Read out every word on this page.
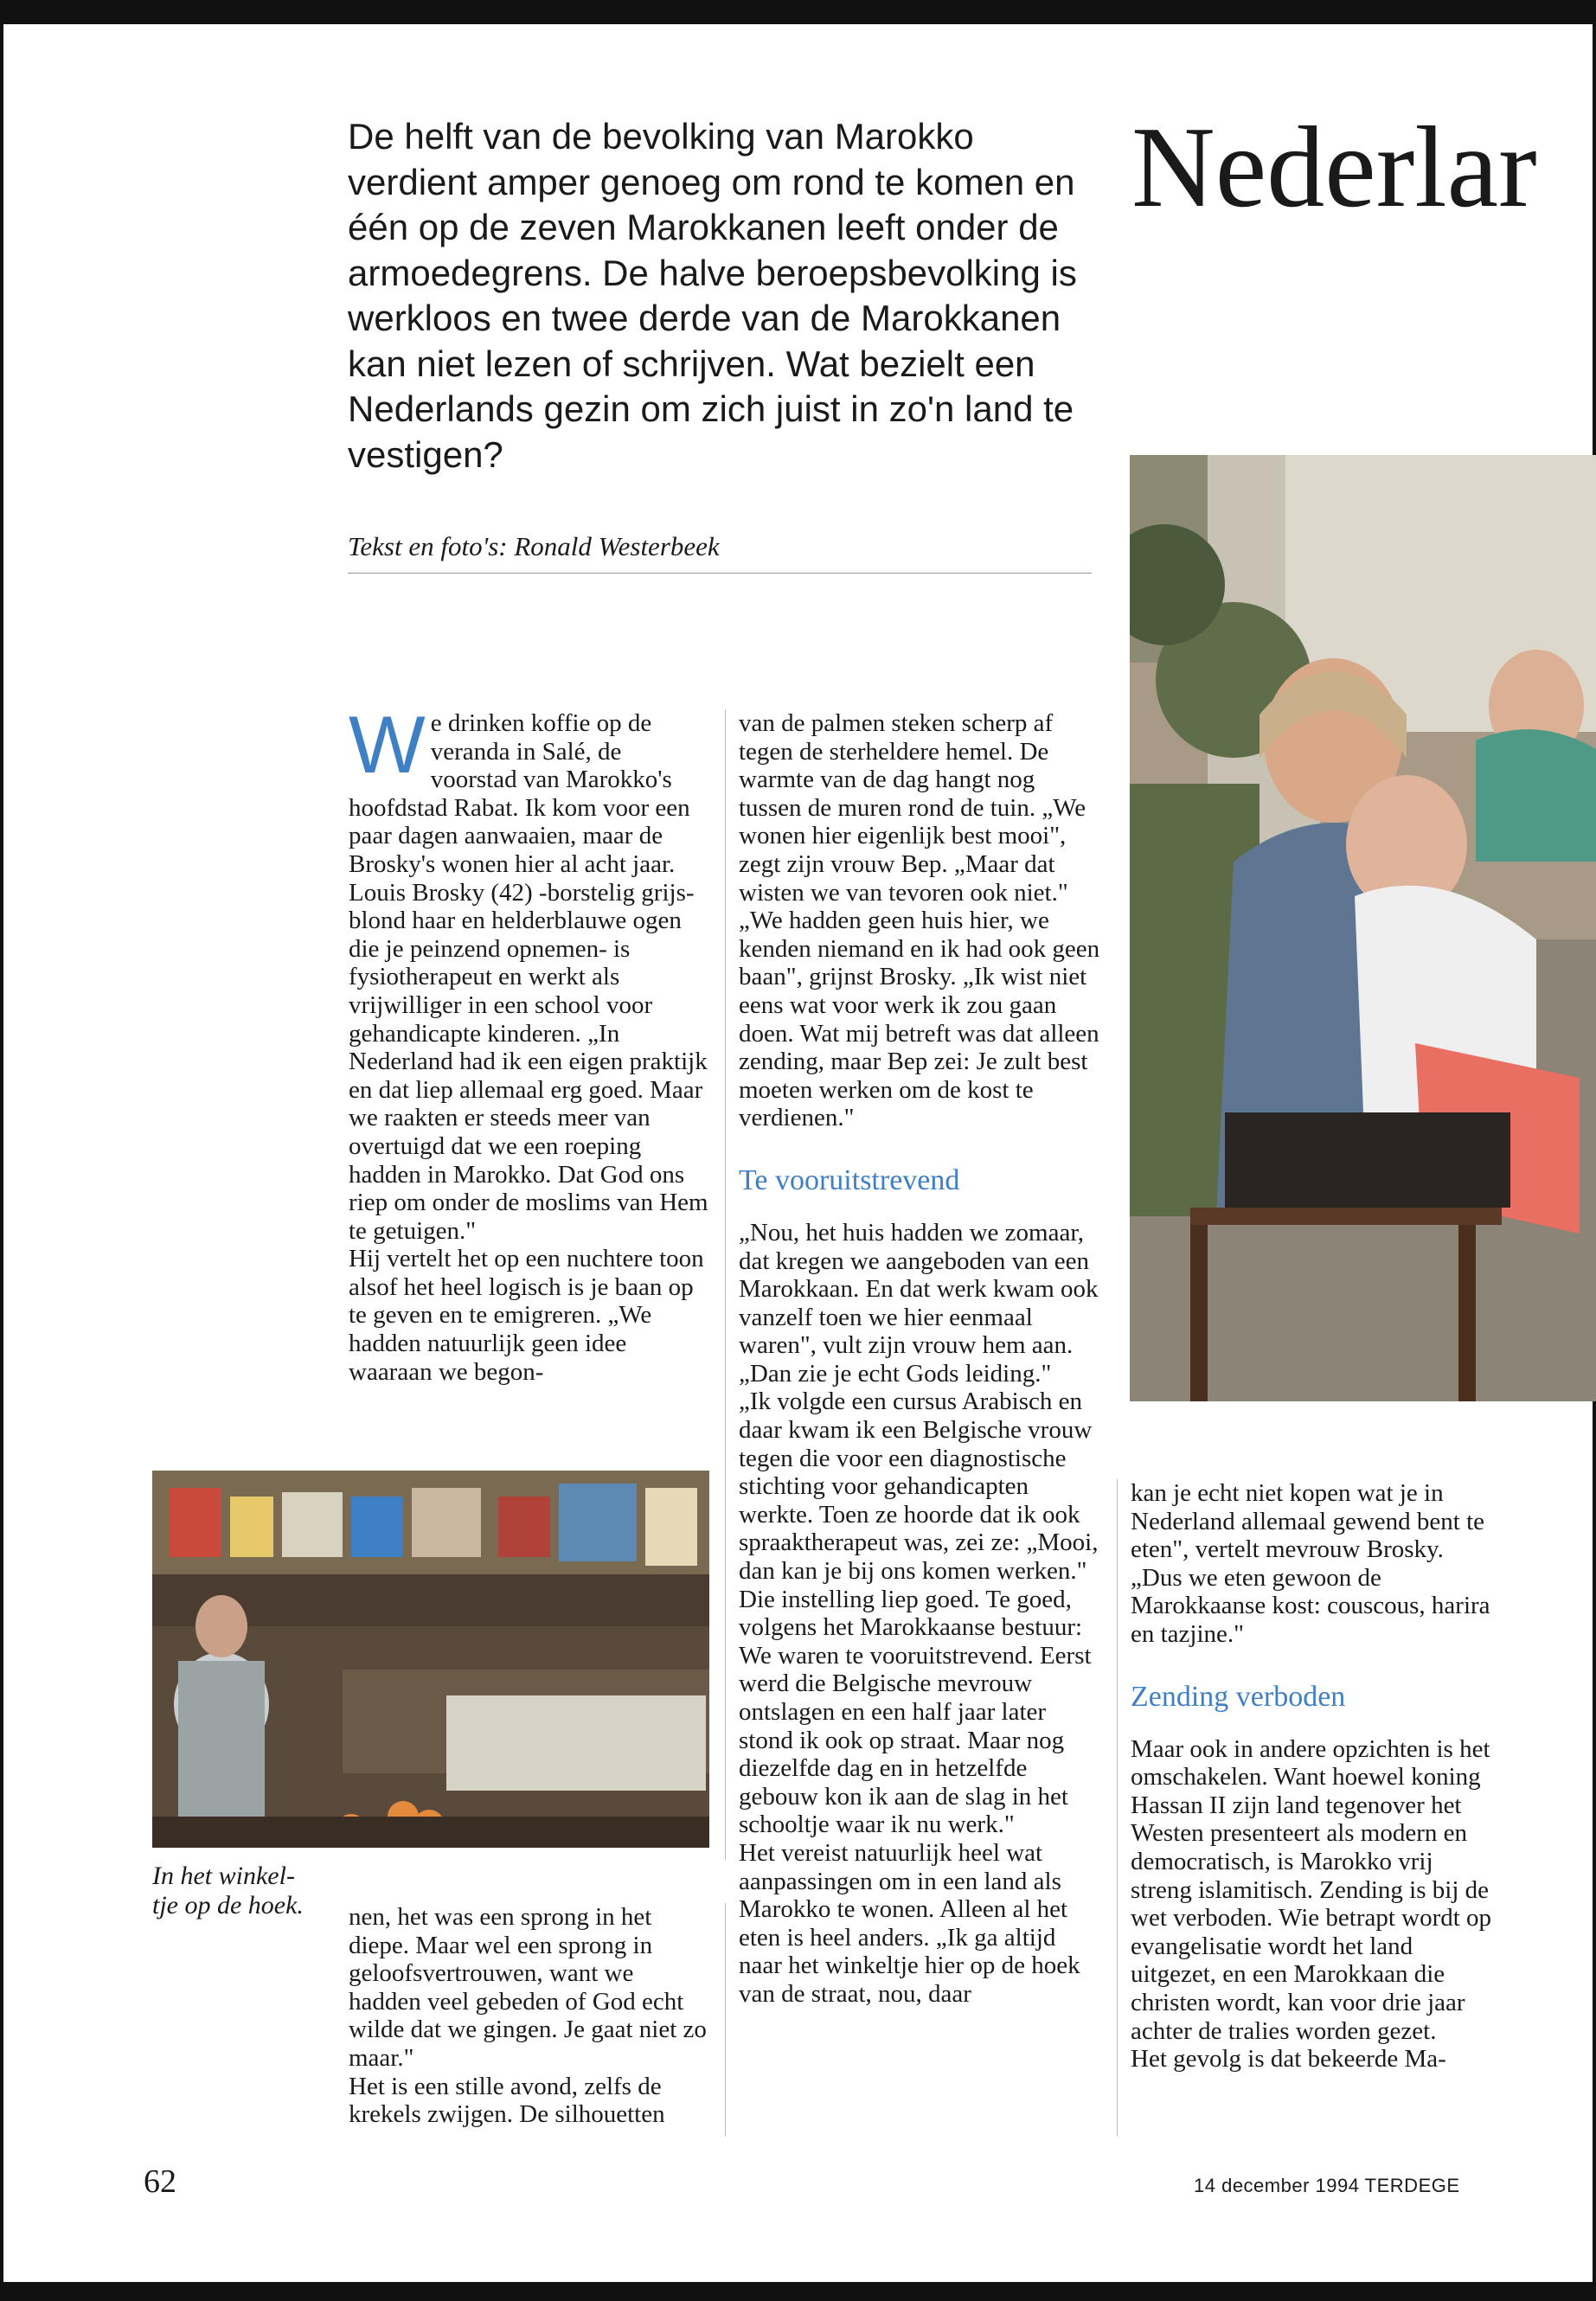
De helft van de bevolking van Marokko verdient amper genoeg om rond te komen en één op de zeven Marokkanen leeft onder de armoedegrens. De halve beroepsbevolking is werkloos en twee derde van de Marokkanen kan niet lezen of schrijven. Wat bezielt een Nederlands gezin om zich juist in zo'n land te vestigen?

Nederlar
Tekst en foto's: Ronald Westerbeek
W e drinken koffie op de veranda in Salé, de voorstad van Marokko's hoofdstad Rabat. Ik kom voor een paar dagen aanwaaien, maar de Brosky's wonen hier al acht jaar. Louis Brosky (42) -borstelig grijs- blond haar en helderblauwe ogen die je peinzend opnemen- is fysiotherapeut en werkt als vrijwilliger in een school voor gehandicapte kinderen. „In Nederland had ik een eigen praktijk en dat liep allemaal erg goed. Maar we raakten er steeds meer van overtuigd dat we een roeping hadden in Marokko. Dat God ons riep om onder de moslims van Hem te getuigen."
Hij vertelt het op een nuchtere toon alsof het heel logisch is je baan op te geven en te emigreren. „We hadden natuurlijk geen idee waaraan we begon-

In het winkel-
tje op de hoek.	nen, het was een sprong in het diepe. Maar wel een sprong in geloofsvertrouwen, want we hadden veel gebeden of God echt wilde dat we gingen. Je gaat niet zo maar."
Het is een stille avond, zelfs de krekels zwijgen. De silhouetten

van de palmen steken scherp af tegen de sterheldere hemel. De warmte van de dag hangt nog tussen de muren rond de tuin. „We wonen hier eigenlijk best mooi", zegt zijn vrouw Bep. „Maar dat wisten we van tevoren ook niet."
„We hadden geen huis hier, we kenden niemand en ik had ook geen baan", grijnst Brosky. „Ik wist niet eens wat voor werk ik zou gaan doen. Wat mij betreft was dat alleen zending, maar Bep zei: Je zult best moeten werken om de kost te verdienen."

Te vooruitstrevend

„Nou, het huis hadden we zomaar, dat kregen we aangeboden van een Marokkaan. En dat werk kwam ook vanzelf toen we hier eenmaal waren", vult zijn vrouw hem aan. „Dan zie je echt Gods leiding."
„Ik volgde een cursus Arabisch en daar kwam ik een Belgische vrouw tegen die voor een diagnostische stichting voor gehandicapten werkte. Toen ze hoorde dat ik ook spraaktherapeut was, zei ze: „Mooi, dan kan je bij ons komen werken." Die instelling liep goed. Te goed, volgens het Marokkaanse bestuur: We waren te vooruitstrevend. Eerst werd die Belgische mevrouw ontslagen en een half jaar later stond ik ook op straat. Maar nog diezelfde dag en in hetzelfde gebouw kon ik aan de slag in het schooltje waar ik nu werk."
Het vereist natuurlijk heel wat aanpassingen om in een land als Marokko te wonen. Alleen al het eten is heel anders. „Ik ga altijd naar het winkeltje hier op de hoek van de straat, nou, daar

kan je echt niet kopen wat je in Nederland allemaal gewend bent te eten", vertelt mevrouw Brosky. „Dus we eten gewoon de Marokkaanse kost: couscous, harira en tazjine."

Zending verboden

Maar ook in andere opzichten is het omschakelen. Want hoewel koning Hassan II zijn land tegenover het Westen presenteert als modern en democratisch, is Marokko vrij streng islamitisch. Zending is bij de wet verboden. Wie betrapt wordt op evangelisatie wordt het land uitgezet, en een Marokkaan die christen wordt, kan voor drie jaar achter de tralies worden gezet.
Het gevolg is dat bekeerde Ma-

62	14 december 1994 TERDEGE
